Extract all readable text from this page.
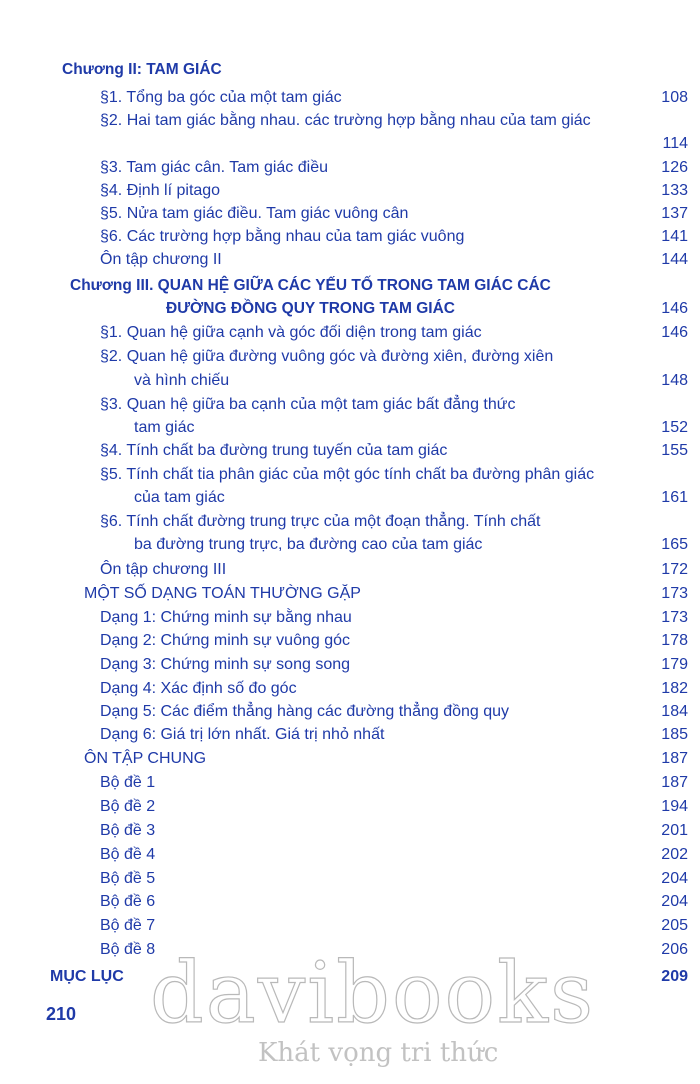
Chương II: TAM GIÁC
§1. Tổng ba góc của một tam giác	108
§2. Hai tam giác bằng nhau. các trường hợp bằng nhau của tam giác
114
§3. Tam giác cân. Tam giác điều	126
§4. Định lí pitago	133
§5. Nửa tam giác điều. Tam giác vuông cân	137
§6. Các trường hợp bằng nhau của tam giác vuông	141
Ôn tập chương II	144
Chương III. QUAN HỆ GIỮA CÁC YẾU TỐ TRONG TAM GIÁC CÁC
ĐƯỜNG ĐỒNG QUY TRONG TAM GIÁC	146
§1. Quan hệ giữa cạnh và góc đối diện trong tam giác	146
§2. Quan hệ giữa đường vuông góc và đường xiên, đường xiên
và hình chiếu	148
§3. Quan hệ giữa ba cạnh của một tam giác bất đẳng thức
tam giác	152
§4. Tính chất ba đường trung tuyến của tam giác	155
§5. Tính chất tia phân giác của một góc tính chất ba đường phân giác
của tam giác	161
§6. Tính chất đường trung trực của một đoạn thẳng. Tính chất
ba đường trung trực, ba đường cao của tam giác	165
Ôn tập chương III	172
MỘT SỐ DẠNG TOÁN THƯỜNG GẶP	173
Dạng 1: Chứng minh sự bằng nhau	173
Dạng 2: Chứng minh sự vuông góc	178
Dạng 3: Chứng minh sự song song	179
Dạng 4: Xác định số đo góc	182
Dạng 5: Các điểm thẳng hàng các đường thẳng đồng quy	184
Dạng 6: Giá trị lớn nhất. Giá trị nhỏ nhất	185
ÔN TẬP CHUNG	187
Bộ đề 1	187
Bộ đề 2	194
Bộ đề 3	201
Bộ đề 4	202
Bộ đề 5	204
Bộ đề 6	204
Bộ đề 7	205
Bộ đề 8	206
MỤC LỤC	209
davibooks
Khát vọng tri thức
210
